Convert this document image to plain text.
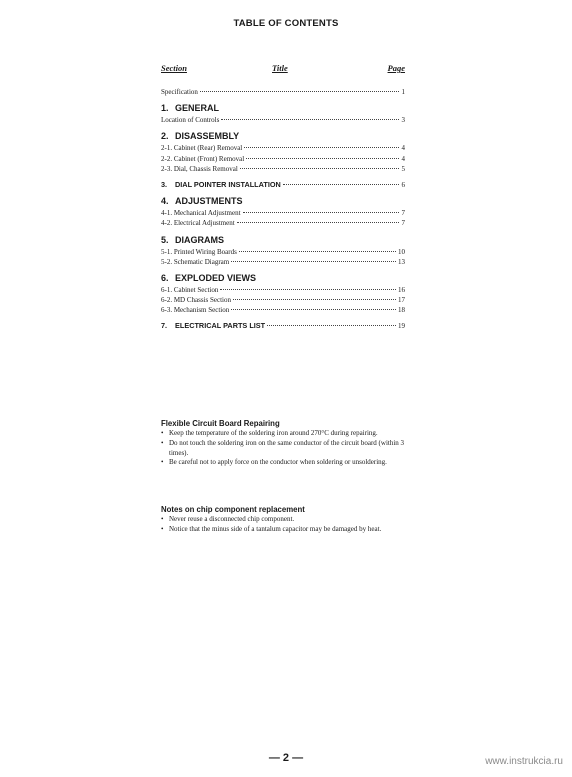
TABLE OF CONTENTS
Section	Title	Page
Specification	1
1. GENERAL
Location of Controls	3
2. DISASSEMBLY
2-1. Cabinet (Rear) Removal	4
2-2. Cabinet (Front) Removal	4
2-3. Dial, Chassis Removal	5
3. DIAL POINTER INSTALLATION	6
4. ADJUSTMENTS
4-1. Mechanical Adjustment	7
4-2. Electrical Adjustment	7
5. DIAGRAMS
5-1. Printed Wiring Boards	10
5-2. Schematic Diagram	13
6. EXPLODED VIEWS
6-1. Cabinet Section	16
6-2. MD Chassis Section	17
6-3. Mechanism Section	18
7. ELECTRICAL PARTS LIST	19
Flexible Circuit Board Repairing
• Keep the temperature of the soldering iron around 270°C during repairing.
• Do not touch the soldering iron on the same conductor of the circuit board (within 3 times).
• Be careful not to apply force on the conductor when soldering or unsoldering.
Notes on chip component replacement
• Never reuse a disconnected chip component.
• Notice that the minus side of a tantalum capacitor may be damaged by heat.
— 2 —	www.instrukcia.ru
